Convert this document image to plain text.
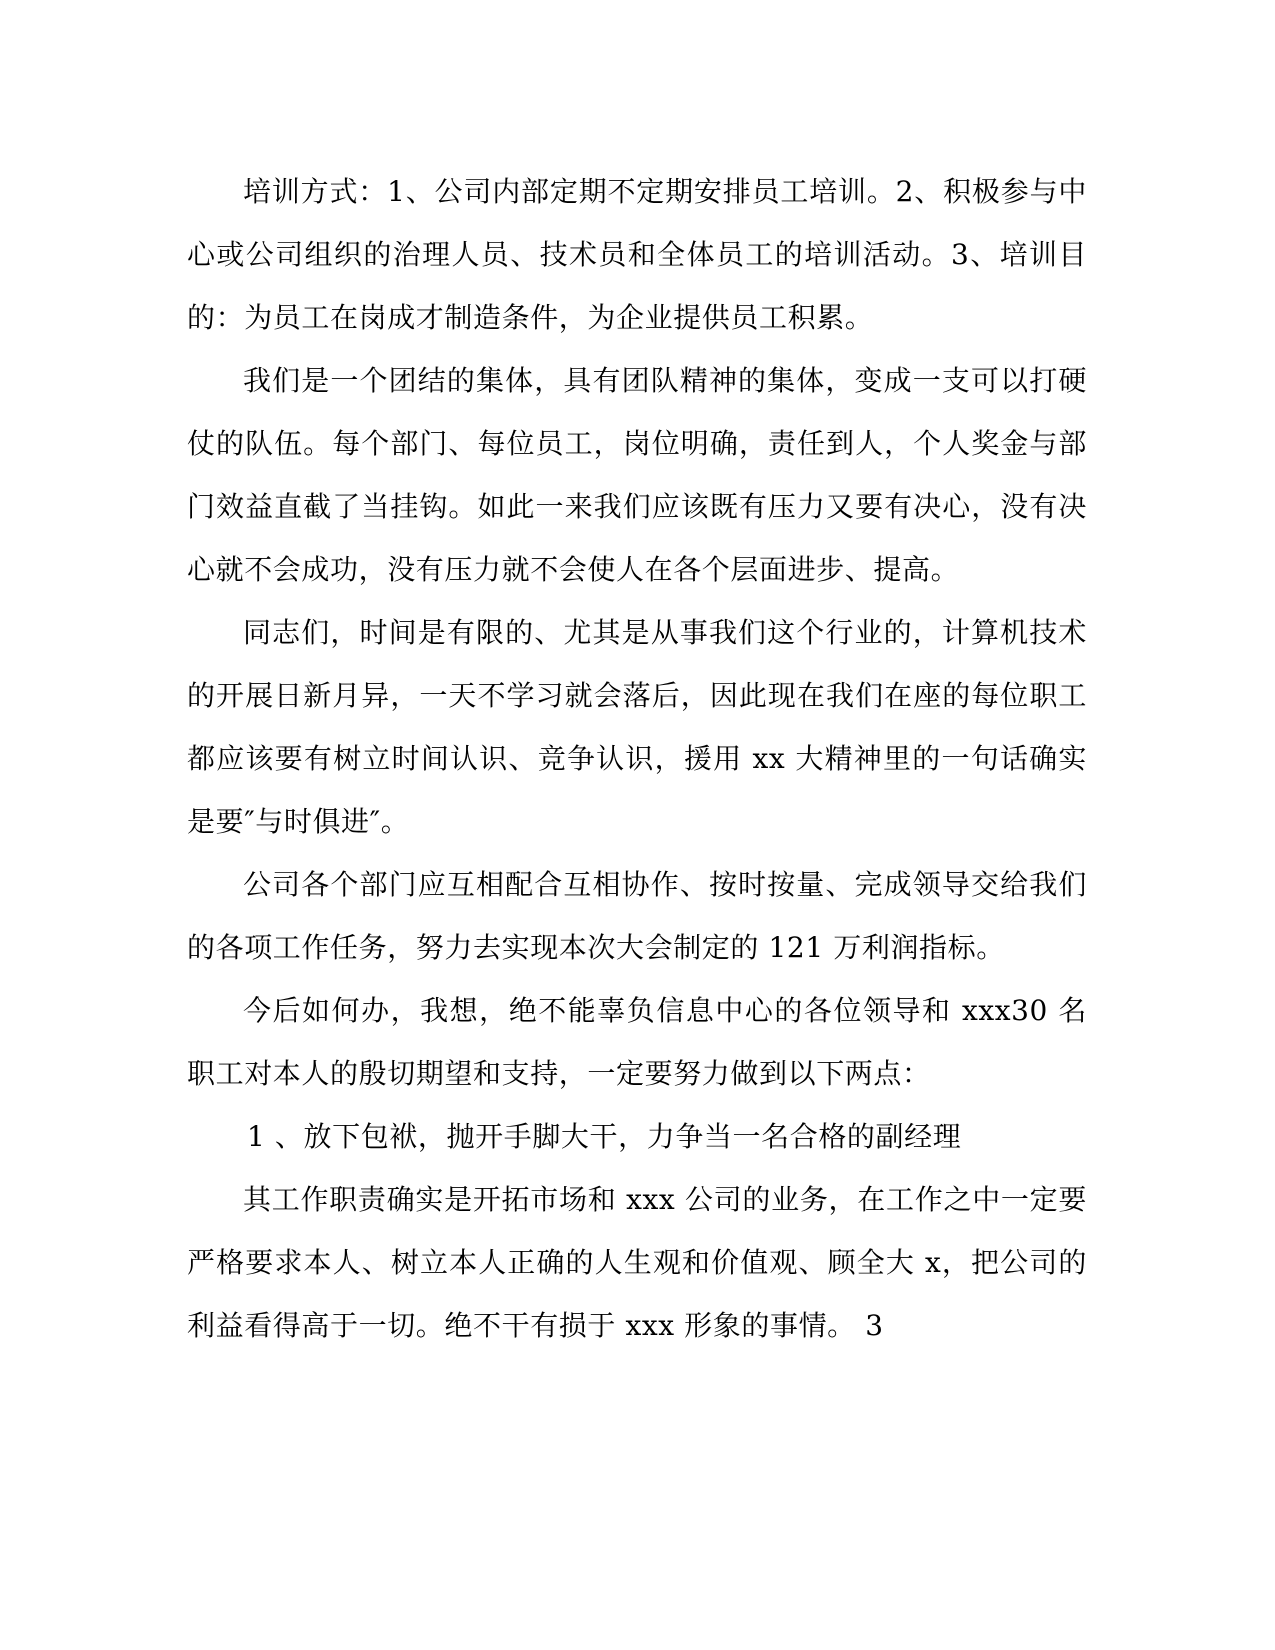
培训方式：1、公司内部定期不定期安排员工培训。2、积极参与中心或公司组织的治理人员、技术员和全体员工的培训活动。3、培训目的：为员工在岗成才制造条件，为企业提供员工积累。

我们是一个团结的集体，具有团队精神的集体，变成一支可以打硬仗的队伍。每个部门、每位员工，岗位明确，责任到人，个人奖金与部门效益直截了当挂钩。如此一来我们应该既有压力又要有决心，没有决心就不会成功，没有压力就不会使人在各个层面进步、提高。

同志们，时间是有限的、尤其是从事我们这个行业的，计算机技术的开展日新月异，一天不学习就会落后，因此现在我们在座的每位职工都应该要有树立时间认识、竞争认识，援用 xx 大精神里的一句话确实是要″与时俱进″。

公司各个部门应互相配合互相协作、按时按量、完成领导交给我们的各项工作任务，努力去实现本次大会制定的 121 万利润指标。

今后如何办，我想，绝不能辜负信息中心的各位领导和 xxx30 名职工对本人的殷切期望和支持，一定要努力做到以下两点：

1 、放下包袱，抛开手脚大干，力争当一名合格的副经理

其工作职责确实是开拓市场和 xxx 公司的业务，在工作之中一定要严格要求本人、树立本人正确的人生观和价值观、顾全大 x，把公司的利益看得高于一切。绝不干有损于 xxx 形象的事情。 3
